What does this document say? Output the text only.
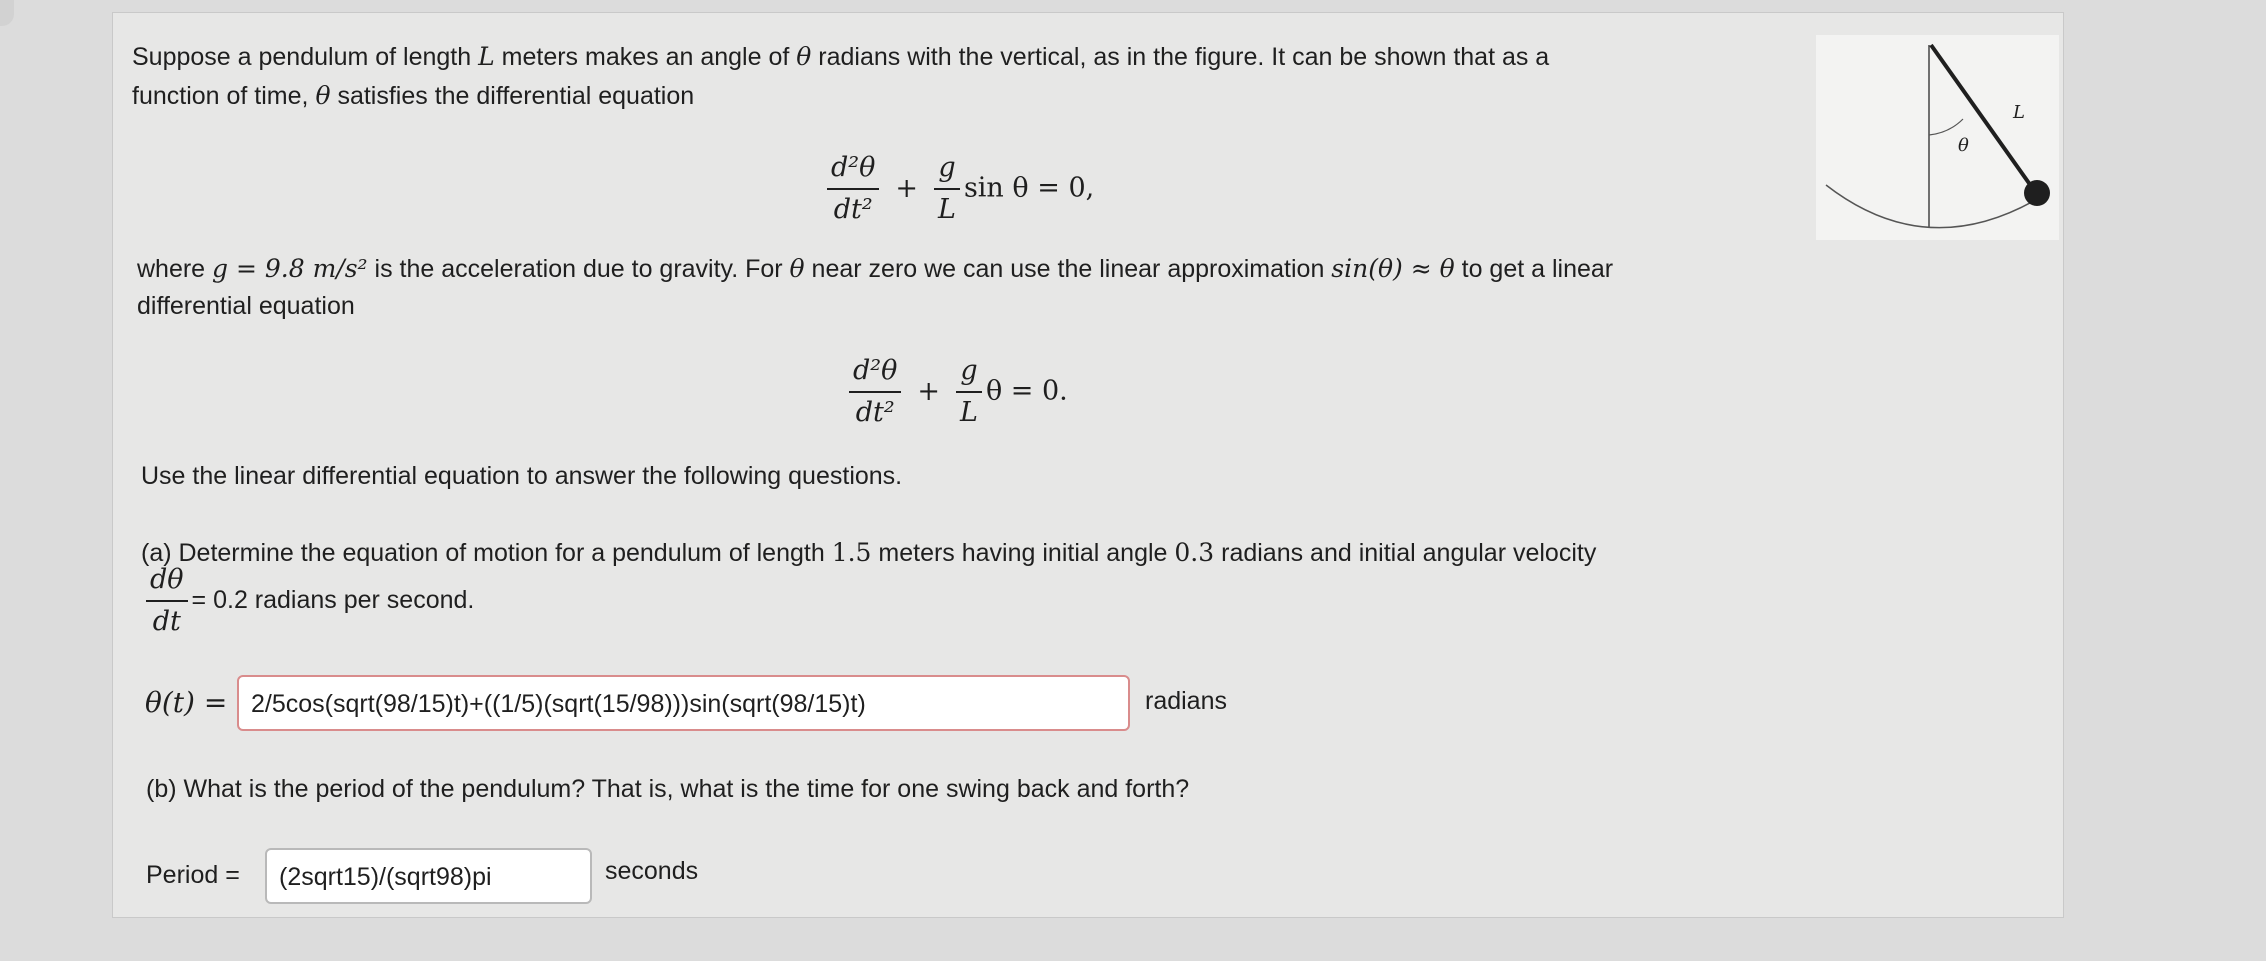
Suppose a pendulum of length L meters makes an angle of θ radians with the vertical, as in the figure. It can be shown that as a
function of time, θ satisfies the differential equation
$\frac{\text{d²θ}}{\text{dt²}} + \frac{g}{L}$ sin θ = 0,
where g = 9.8 m/s² is the acceleration due to gravity. For θ near zero we can use the linear approximation sin(θ) ≈ θ to get a linear
differential equation
$\frac{\text{d²θ}}{\text{dt²}} + \frac{g}{L}$ θ = 0.
Use the linear differential equation to answer the following questions.
(a) Determine the equation of motion for a pendulum of length 1.5 meters having initial angle 0.3 radians and initial angular velocity
$\frac{d\theta}{dt} = 0.2$ radians per second.
θ(t) = 2/5cos(sqrt(98/15)t)+((1/5)(sqrt(15/98)))sin(sqrt(98/15)t)	radians
(b) What is the period of the pendulum? That is, what is the time for one swing back and forth?
Period =	(2sqrt15)/(sqrt98)pi	seconds
θ
L
